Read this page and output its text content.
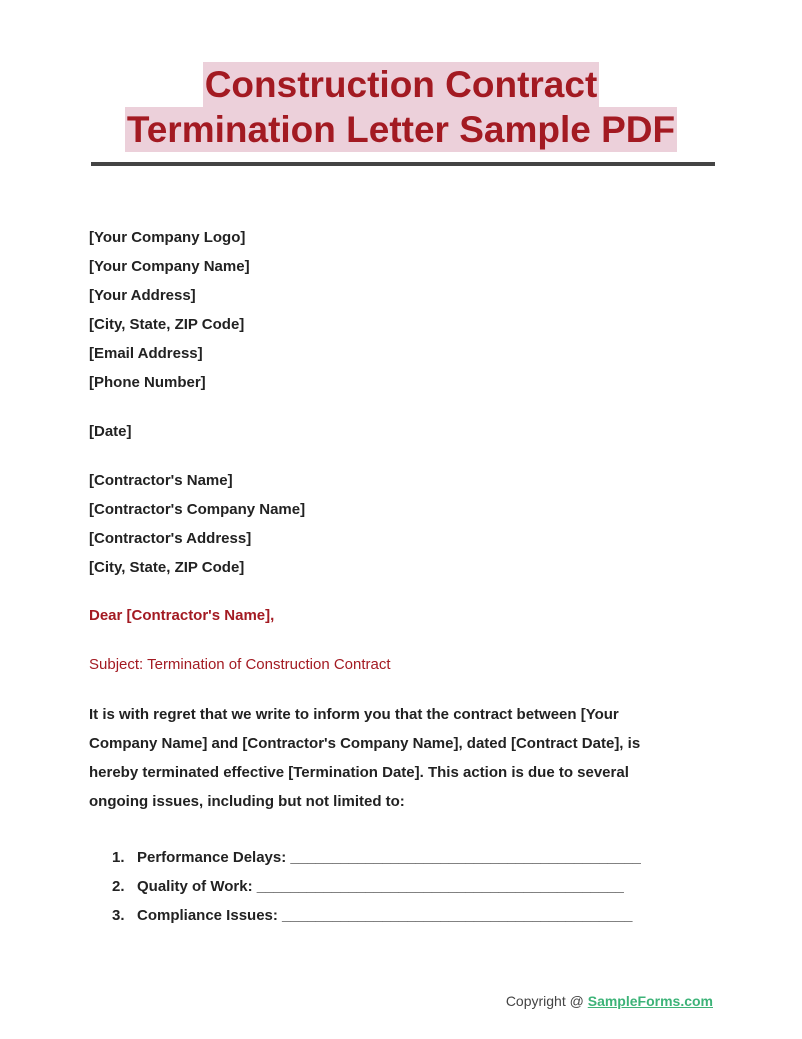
Construction Contract
Termination Letter Sample PDF
[Your Company Logo]
[Your Company Name]
[Your Address]
[City, State, ZIP Code]
[Email Address]
[Phone Number]
[Date]
[Contractor's Name]
[Contractor's Company Name]
[Contractor's Address]
[City, State, ZIP Code]
Dear [Contractor's Name],
Subject: Termination of Construction Contract

It is with regret that we write to inform you that the contract between [Your Company Name] and [Contractor's Company Name], dated [Contract Date], is hereby terminated effective [Termination Date]. This action is due to several ongoing issues, including but not limited to:

1. Performance Delays: __________________________________________
2. Quality of Work: ____________________________________________
3. Compliance Issues: __________________________________________
Copyright @ SampleForms.com
